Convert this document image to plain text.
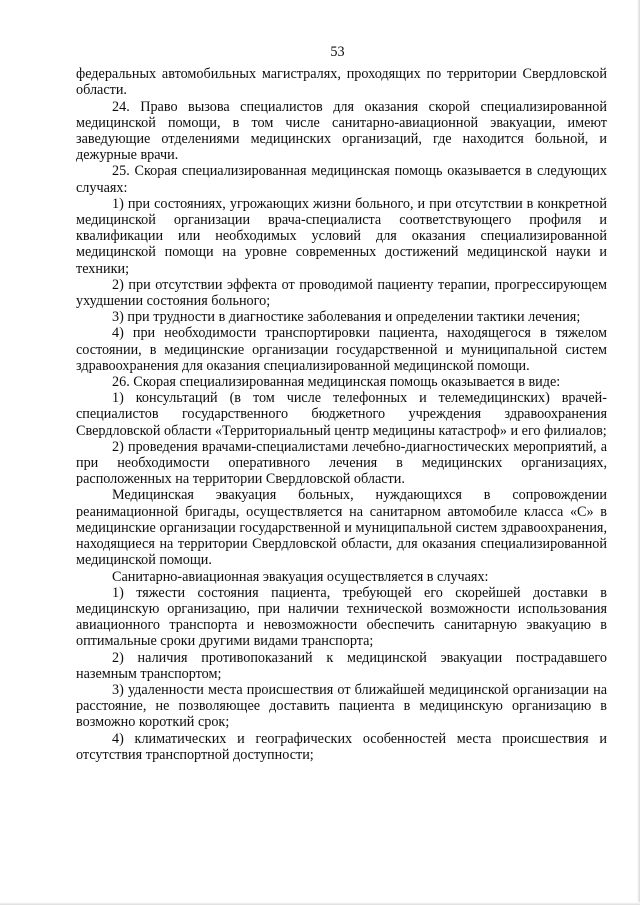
53

федеральных автомобильных магистралях, проходящих по территории Свердловской области.

24. Право вызова специалистов для оказания скорой специализированной медицинской помощи, в том числе санитарно-авиационной эвакуации, имеют заведующие отделениями медицинских организаций, где находится больной, и дежурные врачи.

25. Скорая специализированная медицинская помощь оказывается в следующих случаях:

1) при состояниях, угрожающих жизни больного, и при отсутствии в конкретной медицинской организации врача-специалиста соответствующего профиля и квалификации или необходимых условий для оказания специализированной медицинской помощи на уровне современных достижений медицинской науки и техники;

2) при отсутствии эффекта от проводимой пациенту терапии, прогрессирующем ухудшении состояния больного;

3) при трудности в диагностике заболевания и определении тактики лечения;

4) при необходимости транспортировки пациента, находящегося в тяжелом состоянии, в медицинские организации государственной и муниципальной систем здравоохранения для оказания специализированной медицинской помощи.

26. Скорая специализированная медицинская помощь оказывается в виде:

1) консультаций (в том числе телефонных и телемедицинских) врачей-специалистов государственного бюджетного учреждения здравоохранения Свердловской области «Территориальный центр медицины катастроф» и его филиалов;

2) проведения врачами-специалистами лечебно-диагностических мероприятий, а при необходимости оперативного лечения в медицинских организациях, расположенных на территории Свердловской области.

Медицинская эвакуация больных, нуждающихся в сопровождении реанимационной бригады, осуществляется на санитарном автомобиле класса «С» в медицинские организации государственной и муниципальной систем здравоохранения, находящиеся на территории Свердловской области, для оказания специализированной медицинской помощи.

Санитарно-авиационная эвакуация осуществляется в случаях:

1) тяжести состояния пациента, требующей его скорейшей доставки в медицинскую организацию, при наличии технической возможности использования авиационного транспорта и невозможности обеспечить санитарную эвакуацию в оптимальные сроки другими видами транспорта;

2) наличия противопоказаний к медицинской эвакуации пострадавшего наземным транспортом;

3) удаленности места происшествия от ближайшей медицинской организации на расстояние, не позволяющее доставить пациента в медицинскую организацию в возможно короткий срок;

4) климатических и географических особенностей места происшествия и отсутствия транспортной доступности;
